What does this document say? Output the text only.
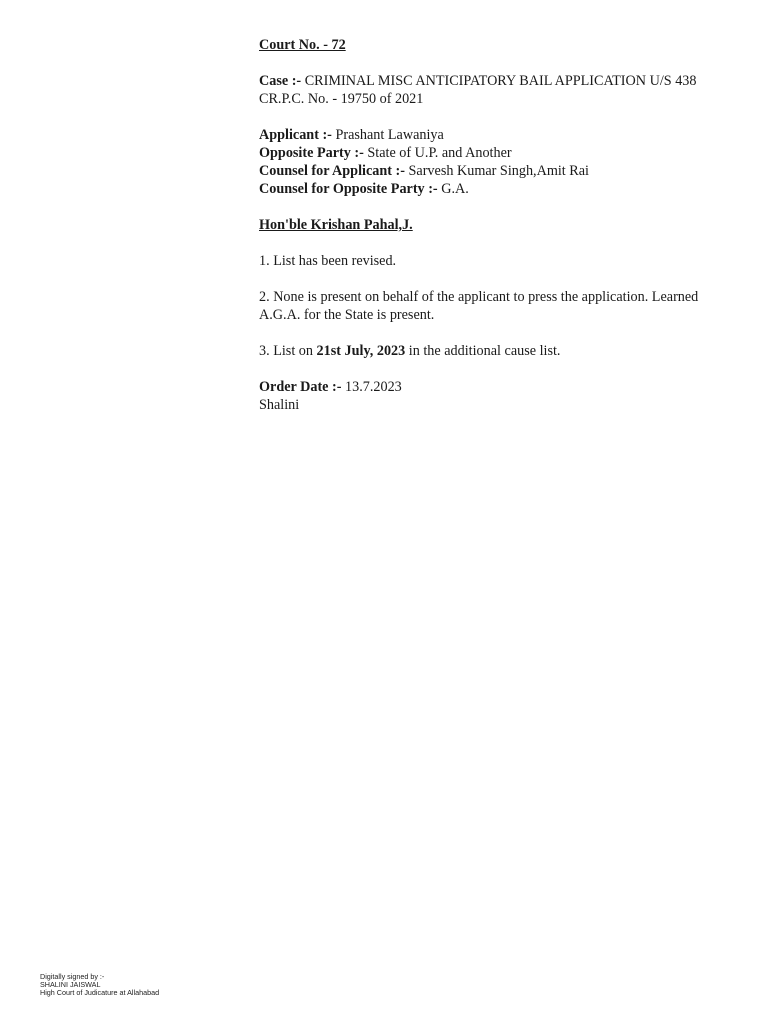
Court No. - 72

Case :- CRIMINAL MISC ANTICIPATORY BAIL APPLICATION U/S 438 CR.P.C. No. - 19750 of 2021

Applicant :- Prashant Lawaniya

Opposite Party :- State of U.P. and Another

Counsel for Applicant :- Sarvesh Kumar Singh,Amit Rai

Counsel for Opposite Party :- G.A.

Hon'ble Krishan Pahal,J.

1. List has been revised.

2. None is present on behalf of the applicant to press the application. Learned A.G.A. for the State is present.

3. List on 21st July, 2023 in the additional cause list.

Order Date :- 13.7.2023

Shalini

Digitally signed by :-
SHALINI JAISWAL
High Court of Judicature at Allahabad
